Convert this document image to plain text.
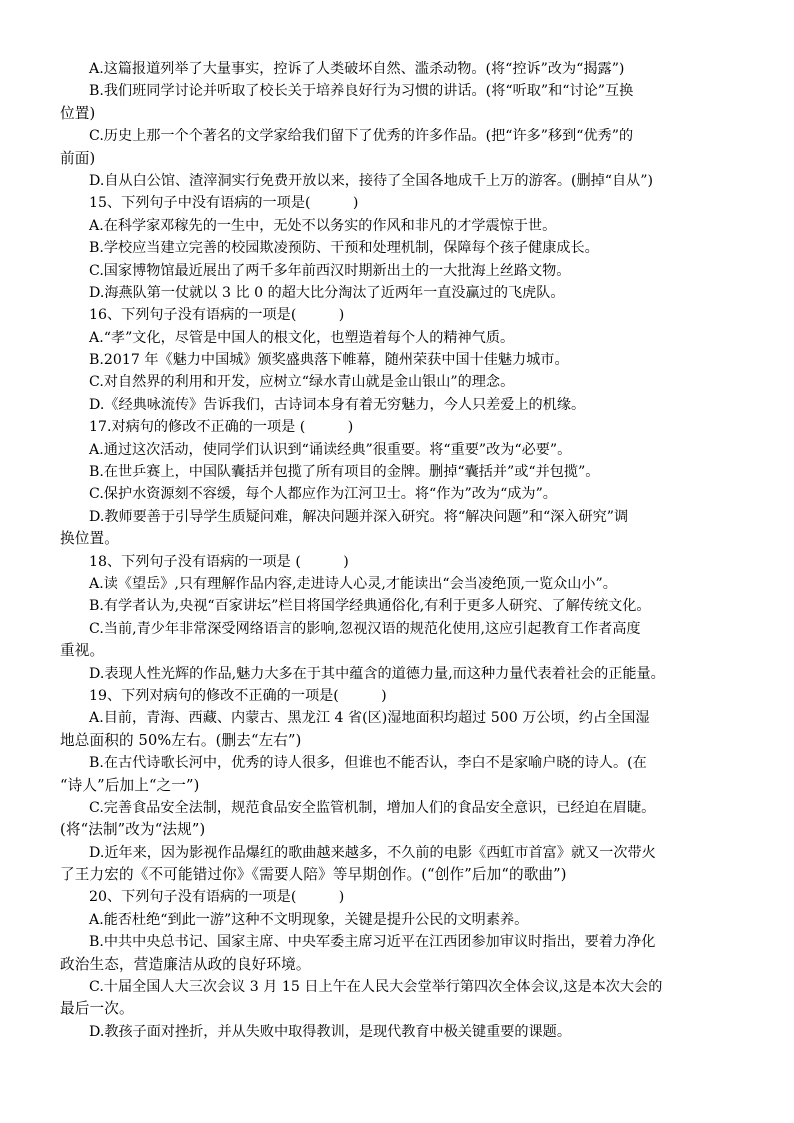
A.这篇报道列举了大量事实，控诉了人类破坏自然、滥杀动物。(将“控诉”改为“揭露”)
B.我们班同学讨论并听取了校长关于培养良好行为习惯的讲话。(将“听取”和“讨论”互换
位置)
C.历史上那一个个著名的文学家给我们留下了优秀的许多作品。(把“许多”移到“优秀”的
前面)
D.自从白公馆、渣滓洞实行免费开放以来，接待了全国各地成千上万的游客。(删掉“自从”)
15、下列句子中没有语病的一项是(　　　)
A.在科学家邓稼先的一生中，无处不以务实的作风和非凡的才学震惊于世。
B.学校应当建立完善的校园欺凌预防、干预和处理机制，保障每个孩子健康成长。
C.国家博物馆最近展出了两千多年前西汉时期新出土的一大批海上丝路文物。
D.海燕队第一仗就以 3 比 0 的超大比分淘汰了近两年一直没赢过的飞虎队。
16、下列句子没有语病的一项是(　　　)
A.“孝”文化，尽管是中国人的根文化，也塑造着每个人的精神气质。
B.2017 年《魅力中国城》颁奖盛典落下帷幕，随州荣获中国十佳魅力城市。
C.对自然界的利用和开发，应树立“绿水青山就是金山银山”的理念。
D.《经典咏流传》告诉我们，古诗词本身有着无穷魅力，今人只差爱上的机缘。
17.对病句的修改不正确的一项是 (　　　)
A.通过这次活动，使同学们认识到“诵读经典”很重要。将“重要”改为“必要”。
B.在世乒赛上，中国队囊括并包揽了所有项目的金牌。删掉“囊括并”或“并包揽”。
C.保护水资源刻不容缓，每个人都应作为江河卫士。将“作为”改为“成为”。
D.教师要善于引导学生质疑问难，解决问题并深入研究。将“解决问题”和“深入研究”调
换位置。
18、下列句子没有语病的一项是 (　　　)
A.读《望岳》,只有理解作品内容,走进诗人心灵,才能读出“会当凌绝顶,一览众山小”。
B.有学者认为,央视“百家讲坛”栏目将国学经典通俗化,有利于更多人研究、了解传统文化。
C.当前,青少年非常深受网络语言的影响,忽视汉语的规范化使用,这应引起教育工作者高度
重视。
D.表现人性光辉的作品,魅力大多在于其中蕴含的道德力量,而这种力量代表着社会的正能量。
19、下列对病句的修改不正确的一项是(　　　)
A.目前，青海、西藏、内蒙古、黑龙江 4 省(区)湿地面积均超过 500 万公顷，约占全国湿
地总面积的 50%左右。(删去“左右”)
B.在古代诗歌长河中，优秀的诗人很多，但谁也不能否认，李白不是家喻户晓的诗人。(在
“诗人”后加上“之一”)
C.完善食品安全法制，规范食品安全监管机制，增加人们的食品安全意识，已经迫在眉睫。
(将“法制”改为“法规”)
D.近年来，因为影视作品爆红的歌曲越来越多，不久前的电影《西虹市首富》就又一次带火
了王力宏的《不可能错过你》《需要人陪》等早期创作。(“创作”后加“的歌曲”)
20、下列句子没有语病的一项是(　　　)
A.能否杜绝“到此一游”这种不文明现象，关键是提升公民的文明素养。
B.中共中央总书记、国家主席、中央军委主席习近平在江西团参加审议时指出，要着力净化
政治生态，营造廉洁从政的良好环境。
C.十届全国人大三次会议 3 月 15 日上午在人民大会堂举行第四次全体会议,这是本次大会的
最后一次。
D.教孩子面对挫折，并从失败中取得教训，是现代教育中极关键重要的课题。
